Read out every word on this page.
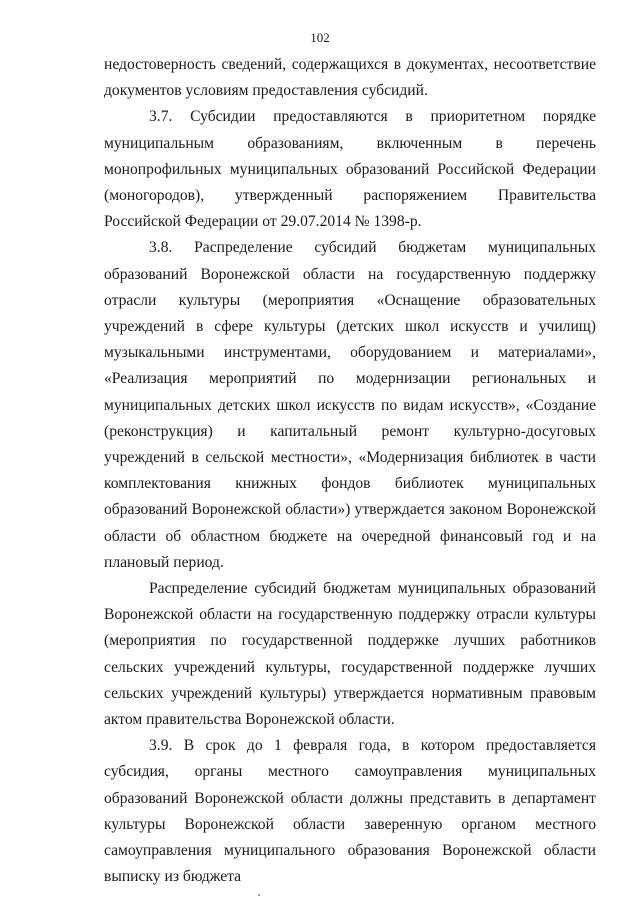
102

недостоверность сведений, содержащихся в документах, несоответствие документов условиям предоставления субсидий.

3.7. Субсидии предоставляются в приоритетном порядке муниципальным образованиям, включенным в перечень монопрофильных муниципальных образований Российской Федерации (моногородов), утвержденный распоряжением Правительства Российской Федерации от 29.07.2014 № 1398-р.

3.8. Распределение субсидий бюджетам муниципальных образований Воронежской области на государственную поддержку отрасли культуры (мероприятия «Оснащение образовательных учреждений в сфере культуры (детских школ искусств и училищ) музыкальными инструментами, оборудованием и материалами», «Реализация мероприятий по модернизации региональных и муниципальных детских школ искусств по видам искусств», «Создание (реконструкция) и капитальный ремонт культурно-досуговых учреждений в сельской местности», «Модернизация библиотек в части комплектования книжных фондов библиотек муниципальных образований Воронежской области») утверждается законом Воронежской области об областном бюджете на очередной финансовый год и на плановый период.

Распределение субсидий бюджетам муниципальных образований Воронежской области на государственную поддержку отрасли культуры (мероприятия по государственной поддержке лучших работников сельских учреждений культуры, государственной поддержке лучших сельских учреждений культуры) утверждается нормативным правовым актом правительства Воронежской области.

3.9. В срок до 1 февраля года, в котором предоставляется субсидия, органы местного самоуправления муниципальных образований Воронежской области должны представить в департамент культуры Воронежской области заверенную органом местного самоуправления муниципального образования Воронежской области выписку из бюджета
